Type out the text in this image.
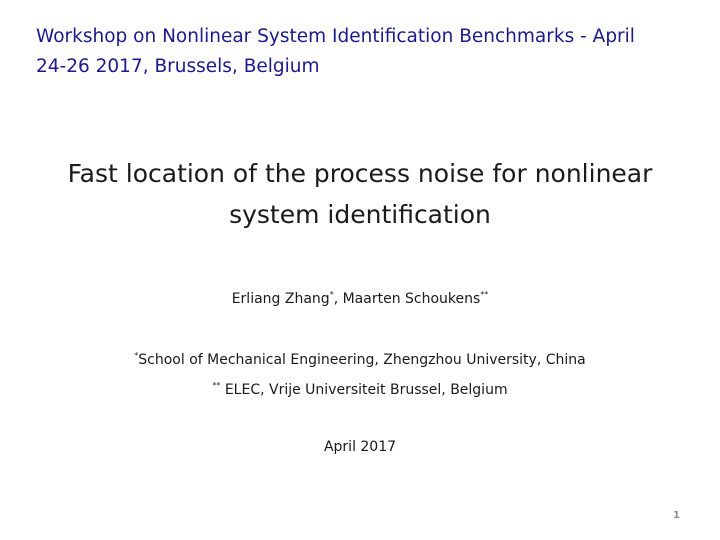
Workshop on Nonlinear System Identification Benchmarks - April
24-26 2017, Brussels, Belgium
Fast location of the process noise for nonlinear
system identification
Erliang Zhang*, Maarten Schoukens**
*School of Mechanical Engineering, Zhengzhou University, China
** ELEC, Vrije Universiteit Brussel, Belgium
April 2017
1
